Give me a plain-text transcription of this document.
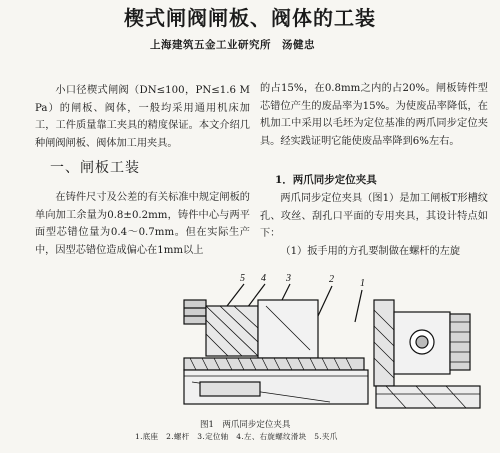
楔式闸阀闸板、阀体的工装
上海建筑五金工业研究所　汤健忠

小口径楔式闸阀（DN≤100，PN≤1.6 MPa）的闸板、阀体，一般均采用通用机床加工，工件质量靠工夹具的精度保证。本文介绍几种闸阀闸板、阀体加工用夹具。

一、闸板工装

在铸件尺寸及公差的有关标准中规定闸板的单向加工余量为0.8±0.2mm，铸件中心与两平面型芯错位量为0.4～0.7mm。但在实际生产中，因型芯错位造成偏心在1mm以上

的占15%，在0.8mm之内的占20%。闸板铸件型芯错位产生的废品率为15%。为使废品率降低，在机加工中采用以毛坯为定位基准的两爪同步定位夹具。经实践证明它能使废品率降到6%左右。

1．两爪同步定位夹具

两爪同步定位夹具（图1）是加工闸板T形槽纹孔、攻丝、刮孔口平面的专用夹具，其设计特点如下：

（1）扳手用的方孔要制做在螺杆的左旋

5 4 3	2	1
图1　两爪同步定位夹具
1.底座　2.螺杆　3.定位轴　4.左、右旋螺纹滑块　5.夹爪
